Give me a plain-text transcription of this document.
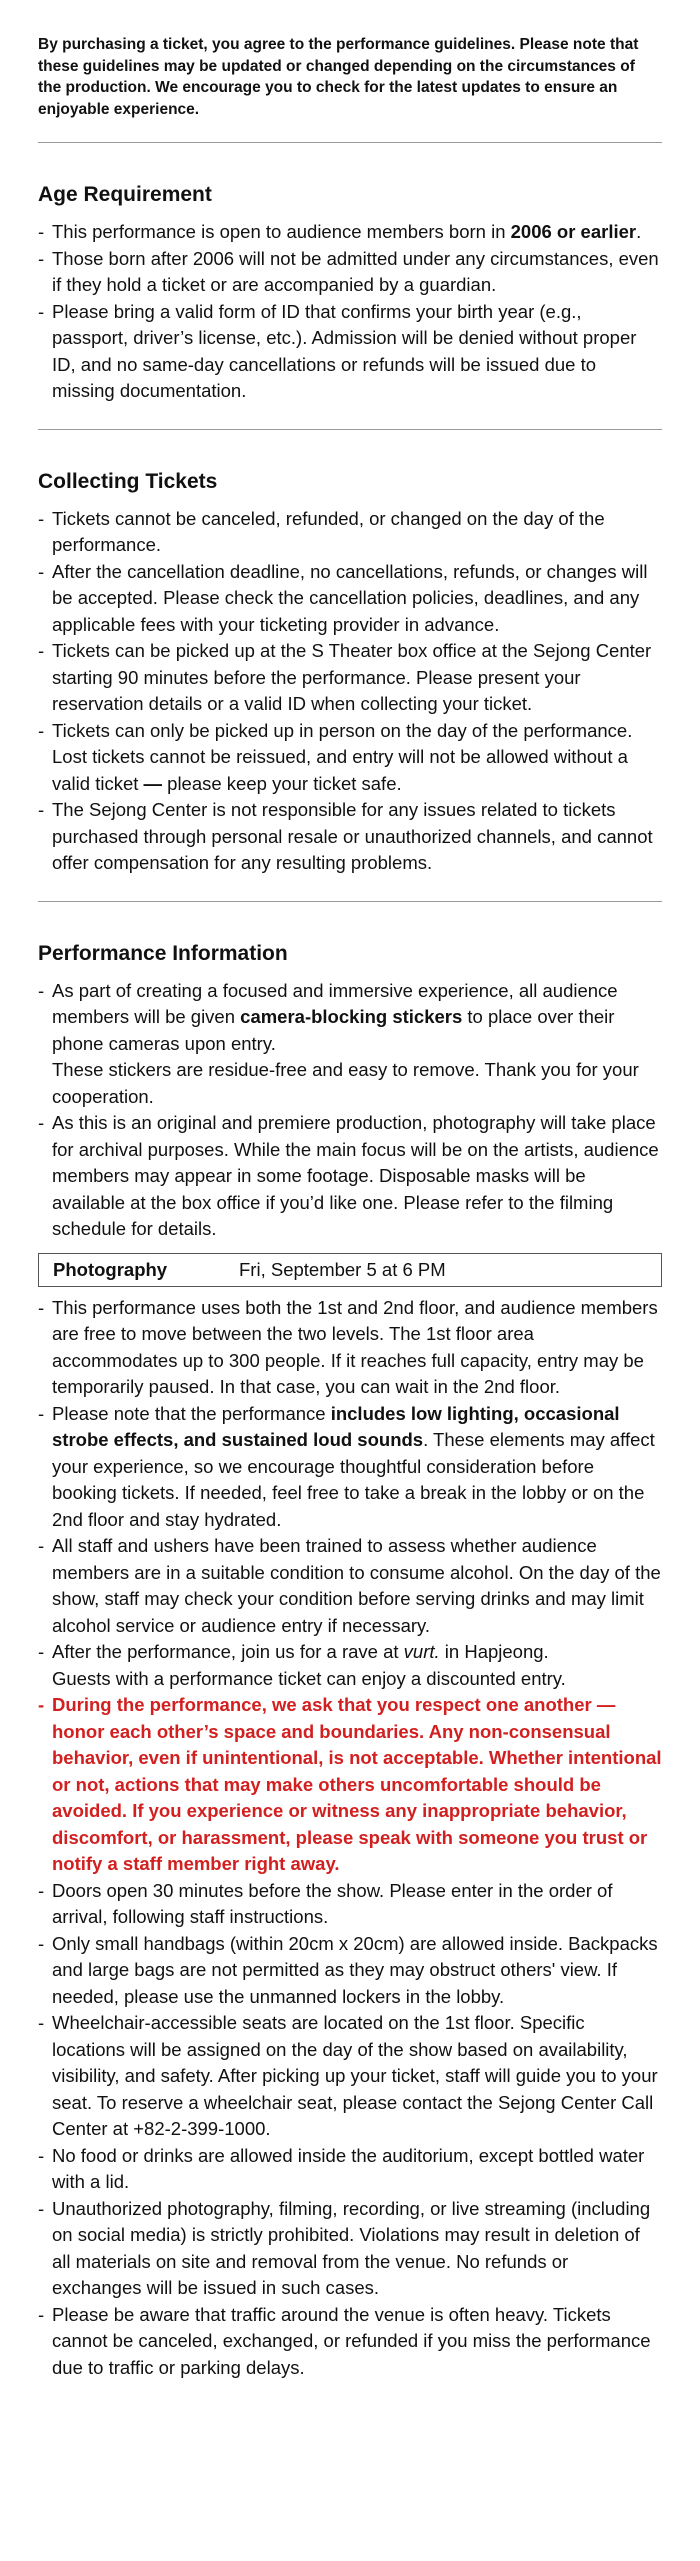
By purchasing a ticket, you agree to the performance guidelines. Please note that these guidelines may be updated or changed depending on the circumstances of the production. We encourage you to check for the latest updates to ensure an enjoyable experience.

Age Requirement
- This performance is open to audience members born in 2006 or earlier.
- Those born after 2006 will not be admitted under any circumstances, even if they hold a ticket or are accompanied by a guardian.
- Please bring a valid form of ID that confirms your birth year (e.g., passport, driver’s license, etc.). Admission will be denied without proper ID, and no same-day cancellations or refunds will be issued due to missing documentation.
Collecting Tickets
- Tickets cannot be canceled, refunded, or changed on the day of the performance.
- After the cancellation deadline, no cancellations, refunds, or changes will be accepted. Please check the cancellation policies, deadlines, and any applicable fees with your ticketing provider in advance.
- Tickets can be picked up at the S Theater box office at the Sejong Center starting 90 minutes before the performance. Please present your reservation details or a valid ID when collecting your ticket.
- Tickets can only be picked up in person on the day of the performance. Lost tickets cannot be reissued, and entry will not be allowed without a valid ticket — please keep your ticket safe.
- The Sejong Center is not responsible for any issues related to tickets purchased through personal resale or unauthorized channels, and cannot offer compensation for any resulting problems.
Performance Information
- As part of creating a focused and immersive experience, all audience members will be given camera-blocking stickers to place over their phone cameras upon entry.
These stickers are residue-free and easy to remove. Thank you for your cooperation.
- As this is an original and premiere production, photography will take place for archival purposes. While the main focus will be on the artists, audience members may appear in some footage. Disposable masks will be available at the box office if you’d like one. Please refer to the filming schedule for details.
Photography	Fri, September 5 at 6 PM
- This performance uses both the 1st and 2nd floor, and audience members are free to move between the two levels. The 1st floor area accommodates up to 300 people. If it reaches full capacity, entry may be temporarily paused. In that case, you can wait in the 2nd floor.
- Please note that the performance includes low lighting, occasional strobe effects, and sustained loud sounds. These elements may affect your experience, so we encourage thoughtful consideration before booking tickets. If needed, feel free to take a break in the lobby or on the 2nd floor and stay hydrated.
- All staff and ushers have been trained to assess whether audience members are in a suitable condition to consume alcohol. On the day of the show, staff may check your condition before serving drinks and may limit alcohol service or audience entry if necessary.
- After the performance, join us for a rave at vurt. in Hapjeong.
Guests with a performance ticket can enjoy a discounted entry.
- During the performance, we ask that you respect one another — honor each other’s space and boundaries. Any non-consensual behavior, even if unintentional, is not acceptable. Whether intentional or not, actions that may make others uncomfortable should be avoided. If you experience or witness any inappropriate behavior, discomfort, or harassment, please speak with someone you trust or notify a staff member right away.
- Doors open 30 minutes before the show. Please enter in the order of arrival, following staff instructions.
- Only small handbags (within 20cm x 20cm) are allowed inside. Backpacks and large bags are not permitted as they may obstruct others' view. If needed, please use the unmanned lockers in the lobby.
- Wheelchair-accessible seats are located on the 1st floor. Specific locations will be assigned on the day of the show based on availability, visibility, and safety. After picking up your ticket, staff will guide you to your seat. To reserve a wheelchair seat, please contact the Sejong Center Call Center at +82-2-399-1000.
- No food or drinks are allowed inside the auditorium, except bottled water with a lid.
- Unauthorized photography, filming, recording, or live streaming (including on social media) is strictly prohibited. Violations may result in deletion of all materials on site and removal from the venue. No refunds or exchanges will be issued in such cases.
- Please be aware that traffic around the venue is often heavy. Tickets cannot be canceled, exchanged, or refunded if you miss the performance due to traffic or parking delays.
